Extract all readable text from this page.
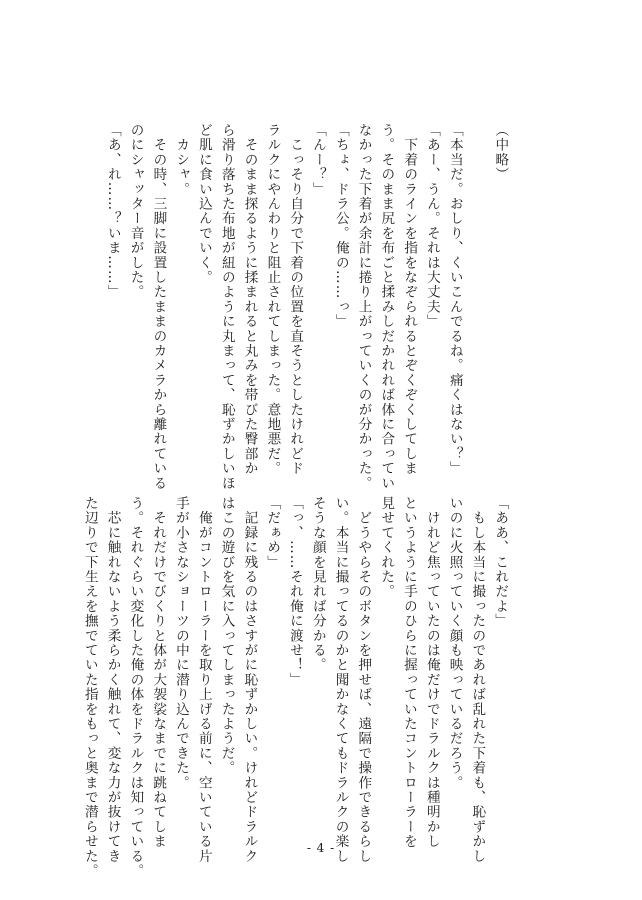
（中略）

「本当だ。おしり、くいこんでるね。痛くはない？」
「あー、うん。それは大丈夫」
　下着のラインを指をなぞられるとぞくぞくしてしま
う。そのまま尻を布ごと揉みしだかれれば体に合ってい
なかった下着が余計に捲り上がっていくのが分かった。
「ちょ、ドラ公。俺の……っ」
「んー？」
　こっそり自分で下着の位置を直そうとしたけれどド
ラルクにやんわりと阻止されてしまった。意地悪だ。
　そのまま探るように揉まれると丸みを帯びた臀部か
ら滑り落ちた布地が紐のように丸まって、恥ずかしいほ
ど肌に食い込んでいく。
　カシャ。
　その時、三脚に設置したままのカメラから離れている
のにシャッター音がした。
「あ、れ……？いま……」
「ああ、これだよ」
　もし本当に撮ったのであれば乱れた下着も、恥ずかし
いのに火照っていく顔も映っているだろう。
　けれど焦っていたのは俺だけでドラルクは種明かし
というように手のひらに握っていたコントローラーを
見せてくれた。
　どうやらそのボタンを押せば、遠隔で操作できるらし
い。本当に撮ってるのかと聞かなくてもドラルクの楽し
そうな顔を見れば分かる。
「っ、……それ俺に渡せ！」
「だぁめ」
　記録に残るのはさすがに恥ずかしい。けれどドラルク
はこの遊びを気に入ってしまったようだ。
　俺がコントローラーを取り上げる前に、空いている片
手が小さなショーツの中に潜り込んできた。
　それだけでびくりと体が大袈裟なまでに跳ねてしま
う。それぐらい変化した俺の体をドラルクは知っている。
　芯に触れないよう柔らかく触れて、変な力が抜けてき
た辺りで下生えを撫でていた指をもっと奥まで潜らせた。	- 4 -
